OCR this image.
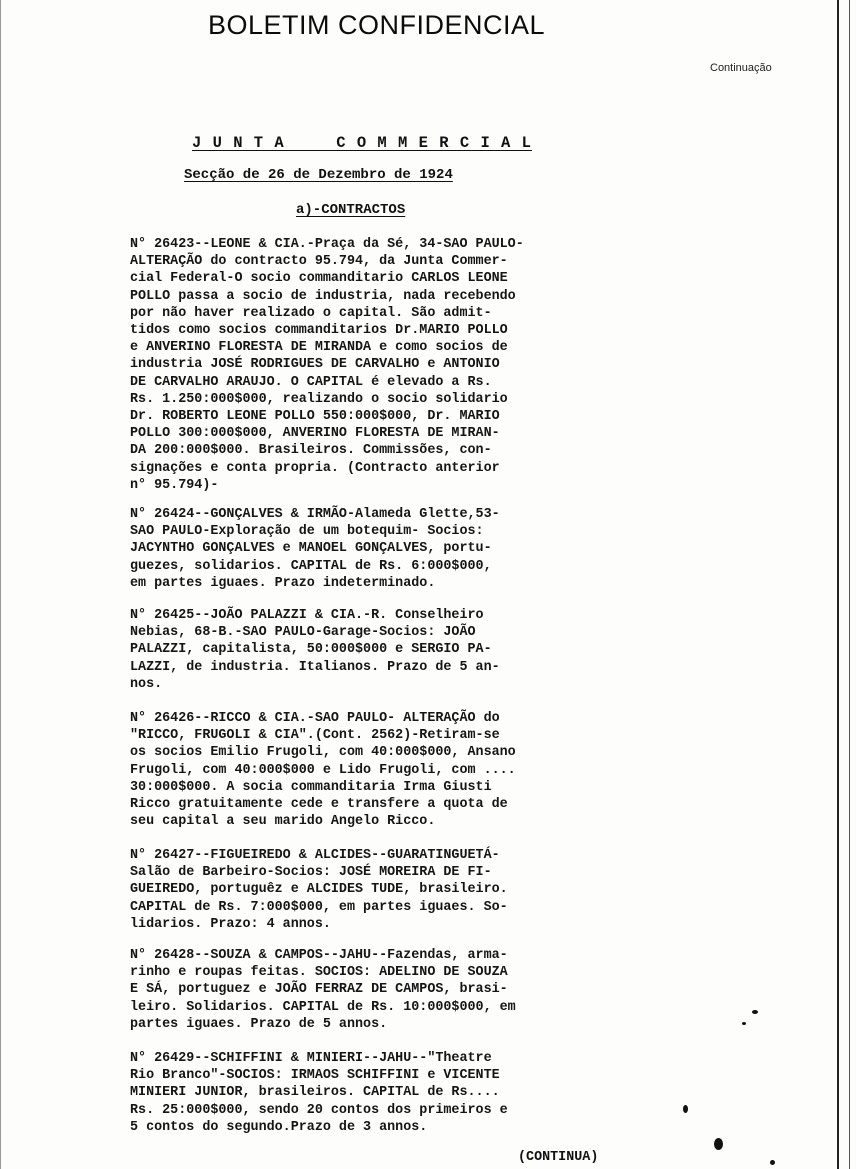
BOLETIM CONFIDENCIAL
Continuação
J U N T A     C O M M E R C I A L
Secção de 26 de Dezembro de 1924
a)-CONTRACTOS
N° 26423--LEONE & CIA.-Praça da Sé, 34-SAO PAULO-
ALTERAÇÃO do contracto 95.794, da Junta Commer-
cial Federal-O socio commanditario CARLOS LEONE
POLLO passa a socio de industria, nada recebendo
por não haver realizado o capital. São admit-
tidos como socios commanditarios Dr.MARIO POLLO
e ANVERINO FLORESTA DE MIRANDA e como socios de
industria JOSÉ RODRIGUES DE CARVALHO e ANTONIO
DE CARVALHO ARAUJO. O CAPITAL é elevado a Rs.
Rs. 1.250:000$000, realizando o socio solidario
Dr. ROBERTO LEONE POLLO 550:000$000, Dr. MARIO
POLLO 300:000$000, ANVERINO FLORESTA DE MIRAN-
DA 200:000$000. Brasileiros. Commissões, con-
signações e conta propria. (Contracto anterior
n° 95.794)-
N° 26424--GONÇALVES & IRMÃO-Alameda Glette,53-
SAO PAULO-Exploração de um botequim- Socios:
JACYNTHO GONÇALVES e MANOEL GONÇALVES, portu-
guezes, solidarios. CAPITAL de Rs. 6:000$000,
em partes iguaes. Prazo indeterminado.
N° 26425--JOÃO PALAZZI & CIA.-R. Conselheiro
Nebias, 68-B.-SAO PAULO-Garage-Socios: JOÃO
PALAZZI, capitalista, 50:000$000 e SERGIO PA-
LAZZI, de industria. Italianos. Prazo de 5 an-
nos.
N° 26426--RICCO & CIA.-SAO PAULO- ALTERAÇÃO do
"RICCO, FRUGOLI & CIA".(Cont. 2562)-Retiram-se
os socios Emilio Frugoli, com 40:000$000, Ansano
Frugoli, com 40:000$000 e Lido Frugoli, com ....
30:000$000. A socia commanditaria Irma Giusti
Ricco gratuitamente cede e transfere a quota de
seu capital a seu marido Angelo Ricco.
N° 26427--FIGUEIREDO & ALCIDES--GUARATINGUETÁ-
Salão de Barbeiro-Socios: JOSÉ MOREIRA DE FI-
GUEIREDO, portuguêz e ALCIDES TUDE, brasileiro.
CAPITAL de Rs. 7:000$000, em partes iguaes. So-
lidarios. Prazo: 4 annos.
N° 26428--SOUZA & CAMPOS--JAHU--Fazendas, arma-
rinho e roupas feitas. SOCIOS: ADELINO DE SOUZA
E SÁ, portuguez e JOÃO FERRAZ DE CAMPOS, brasi-
leiro. Solidarios. CAPITAL de Rs. 10:000$000, em
partes iguaes. Prazo de 5 annos.
N° 26429--SCHIFFINI & MINIERI--JAHU--"Theatre
Rio Branco"-SOCIOS: IRMAOS SCHIFFINI e VICENTE
MINIERI JUNIOR, brasileiros. CAPITAL de Rs....
Rs. 25:000$000, sendo 20 contos dos primeiros e
5 contos do segundo.Prazo de 3 annos.
(CONTINUA)
